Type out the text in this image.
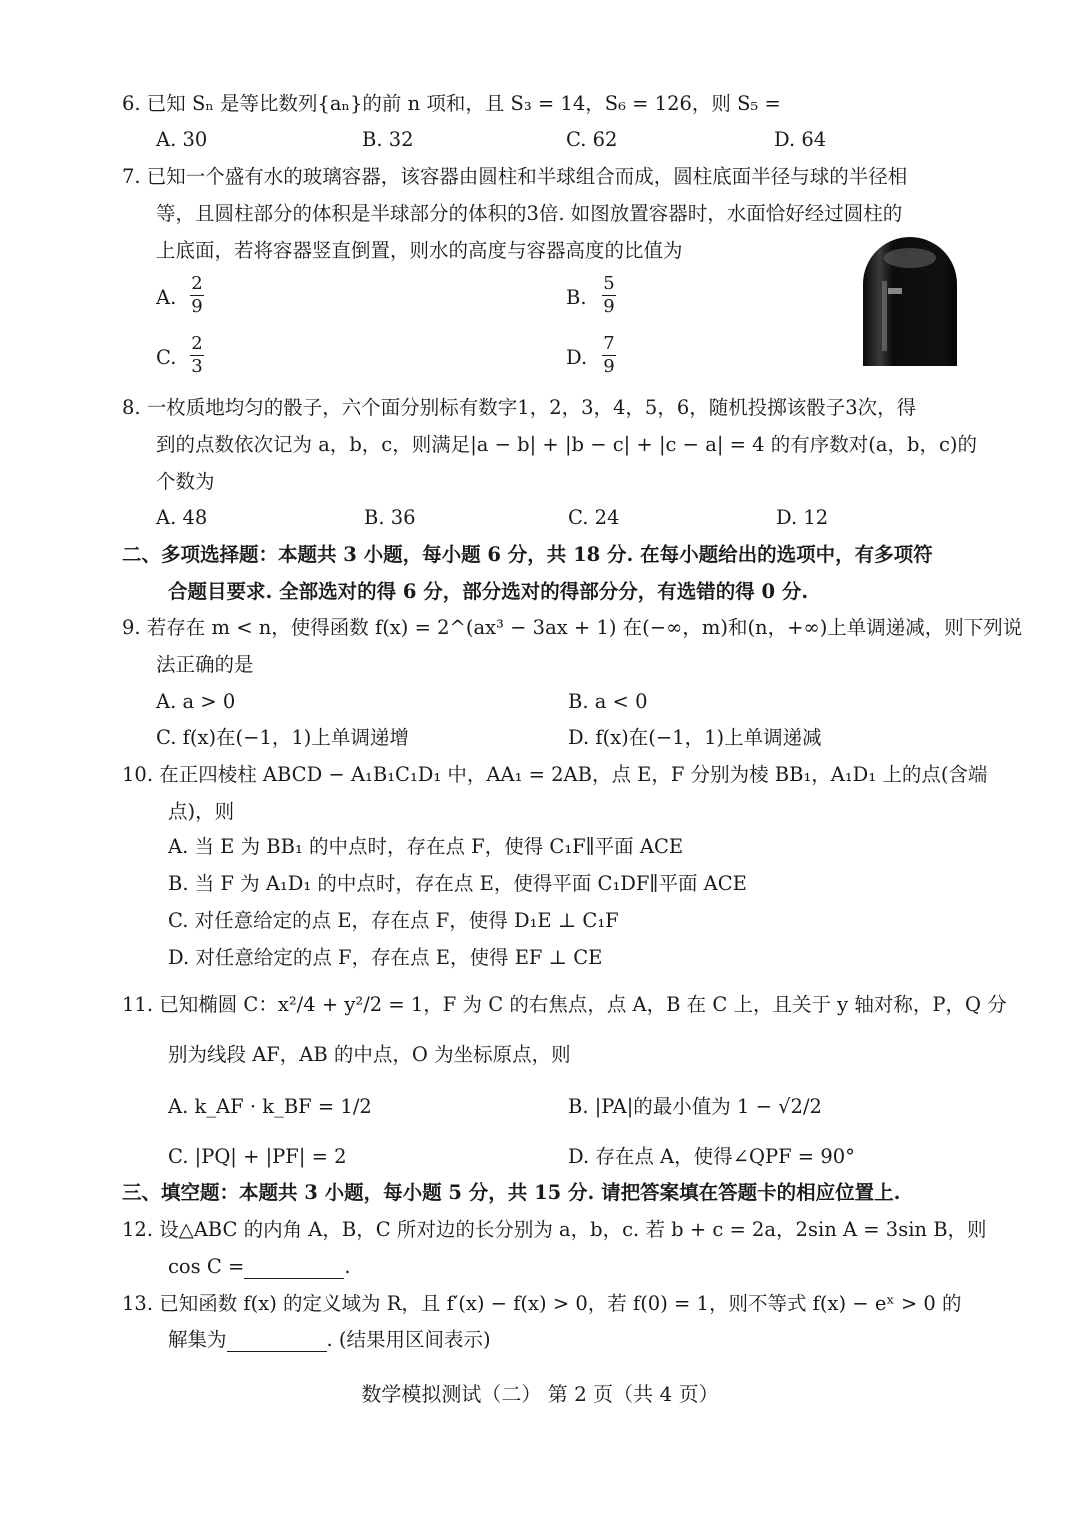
6. 已知 Sₙ 是等比数列{aₙ}的前 n 项和，且 S₃ = 14，S₆ = 126，则 S₅ =
A. 30	B. 32	C. 62	D. 64
7. 已知一个盛有水的玻璃容器，该容器由圆柱和半球组合而成，圆柱底面半径与球的半径相
等，且圆柱部分的体积是半球部分的体积的3倍. 如图放置容器时，水面恰好经过圆柱的
上底面，若将容器竖直倒置，则水的高度与容器高度的比值为
A.
2
9	B.
5
9
C.
2
3	D.
7
9
8. 一枚质地均匀的骰子，六个面分别标有数字1，2，3，4，5，6，随机投掷该骰子3次，得
到的点数依次记为 a，b，c，则满足|a − b| + |b − c| + |c − a| = 4 的有序数对(a，b，c)的
个数为
A. 48	B. 36	C. 24	D. 12
二、多项选择题：本题共 3 小题，每小题 6 分，共 18 分. 在每小题给出的选项中，有多项符
合题目要求. 全部选对的得 6 分，部分选对的得部分分，有选错的得 0 分.
9. 若存在 m < n，使得函数 f(x) = 2^(ax³ − 3ax + 1) 在(−∞，m)和(n，+∞)上单调递减，则下列说
法正确的是
A. a > 0	B. a < 0
C. f(x)在(−1，1)上单调递增	D. f(x)在(−1，1)上单调递减
10. 在正四棱柱 ABCD − A₁B₁C₁D₁ 中，AA₁ = 2AB，点 E，F 分别为棱 BB₁，A₁D₁ 上的点(含端
点)，则
A. 当 E 为 BB₁ 的中点时，存在点 F，使得 C₁F∥平面 ACE
B. 当 F 为 A₁D₁ 的中点时，存在点 E，使得平面 C₁DF∥平面 ACE
C. 对任意给定的点 E，存在点 F，使得 D₁E ⊥ C₁F
D. 对任意给定的点 F，存在点 E，使得 EF ⊥ CE
11. 已知椭圆 C：x²/4 + y²/2 = 1，F 为 C 的右焦点，点 A，B 在 C 上，且关于 y 轴对称，P，Q 分
别为线段 AF，AB 的中点，O 为坐标原点，则
A. k_AF · k_BF = 1/2	B. |PA|的最小值为 1 − √2/2
C. |PQ| + |PF| = 2	D. 存在点 A，使得∠QPF = 90°
三、填空题：本题共 3 小题，每小题 5 分，共 15 分. 请把答案填在答题卡的相应位置上.
12. 设△ABC 的内角 A，B，C 所对边的长分别为 a，b，c. 若 b + c = 2a，2sin A = 3sin B，则
cos C =	.
13. 已知函数 f(x) 的定义域为 R，且 f′(x) − f(x) > 0，若 f(0) = 1，则不等式 f(x) − eˣ > 0 的
解集为	. (结果用区间表示)
数学模拟测试（二） 第 2 页（共 4 页）
